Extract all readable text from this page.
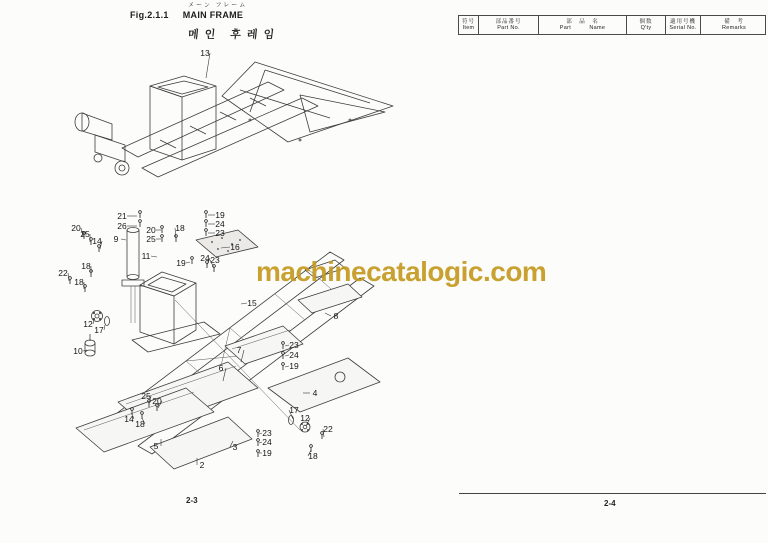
メーン フレーム
Fig.2.1.1 MAIN FRAME
메인 후레임
13
21
26
9
20
25
18
19
24
23
16
11
20
25
14
18
22
18
12
17
19 24 23
15
10
8
23
24
19
7
6
4
17
12
22
18
23
24
19
3
2
25 20
14 18
5
machinecatalogic.com
符号
Item
部品番号
Part No.
部　品　名
Part          Name
個数
Q'ty
適用号機
Serial No.
備　考
Remarks
2-3	2-4
